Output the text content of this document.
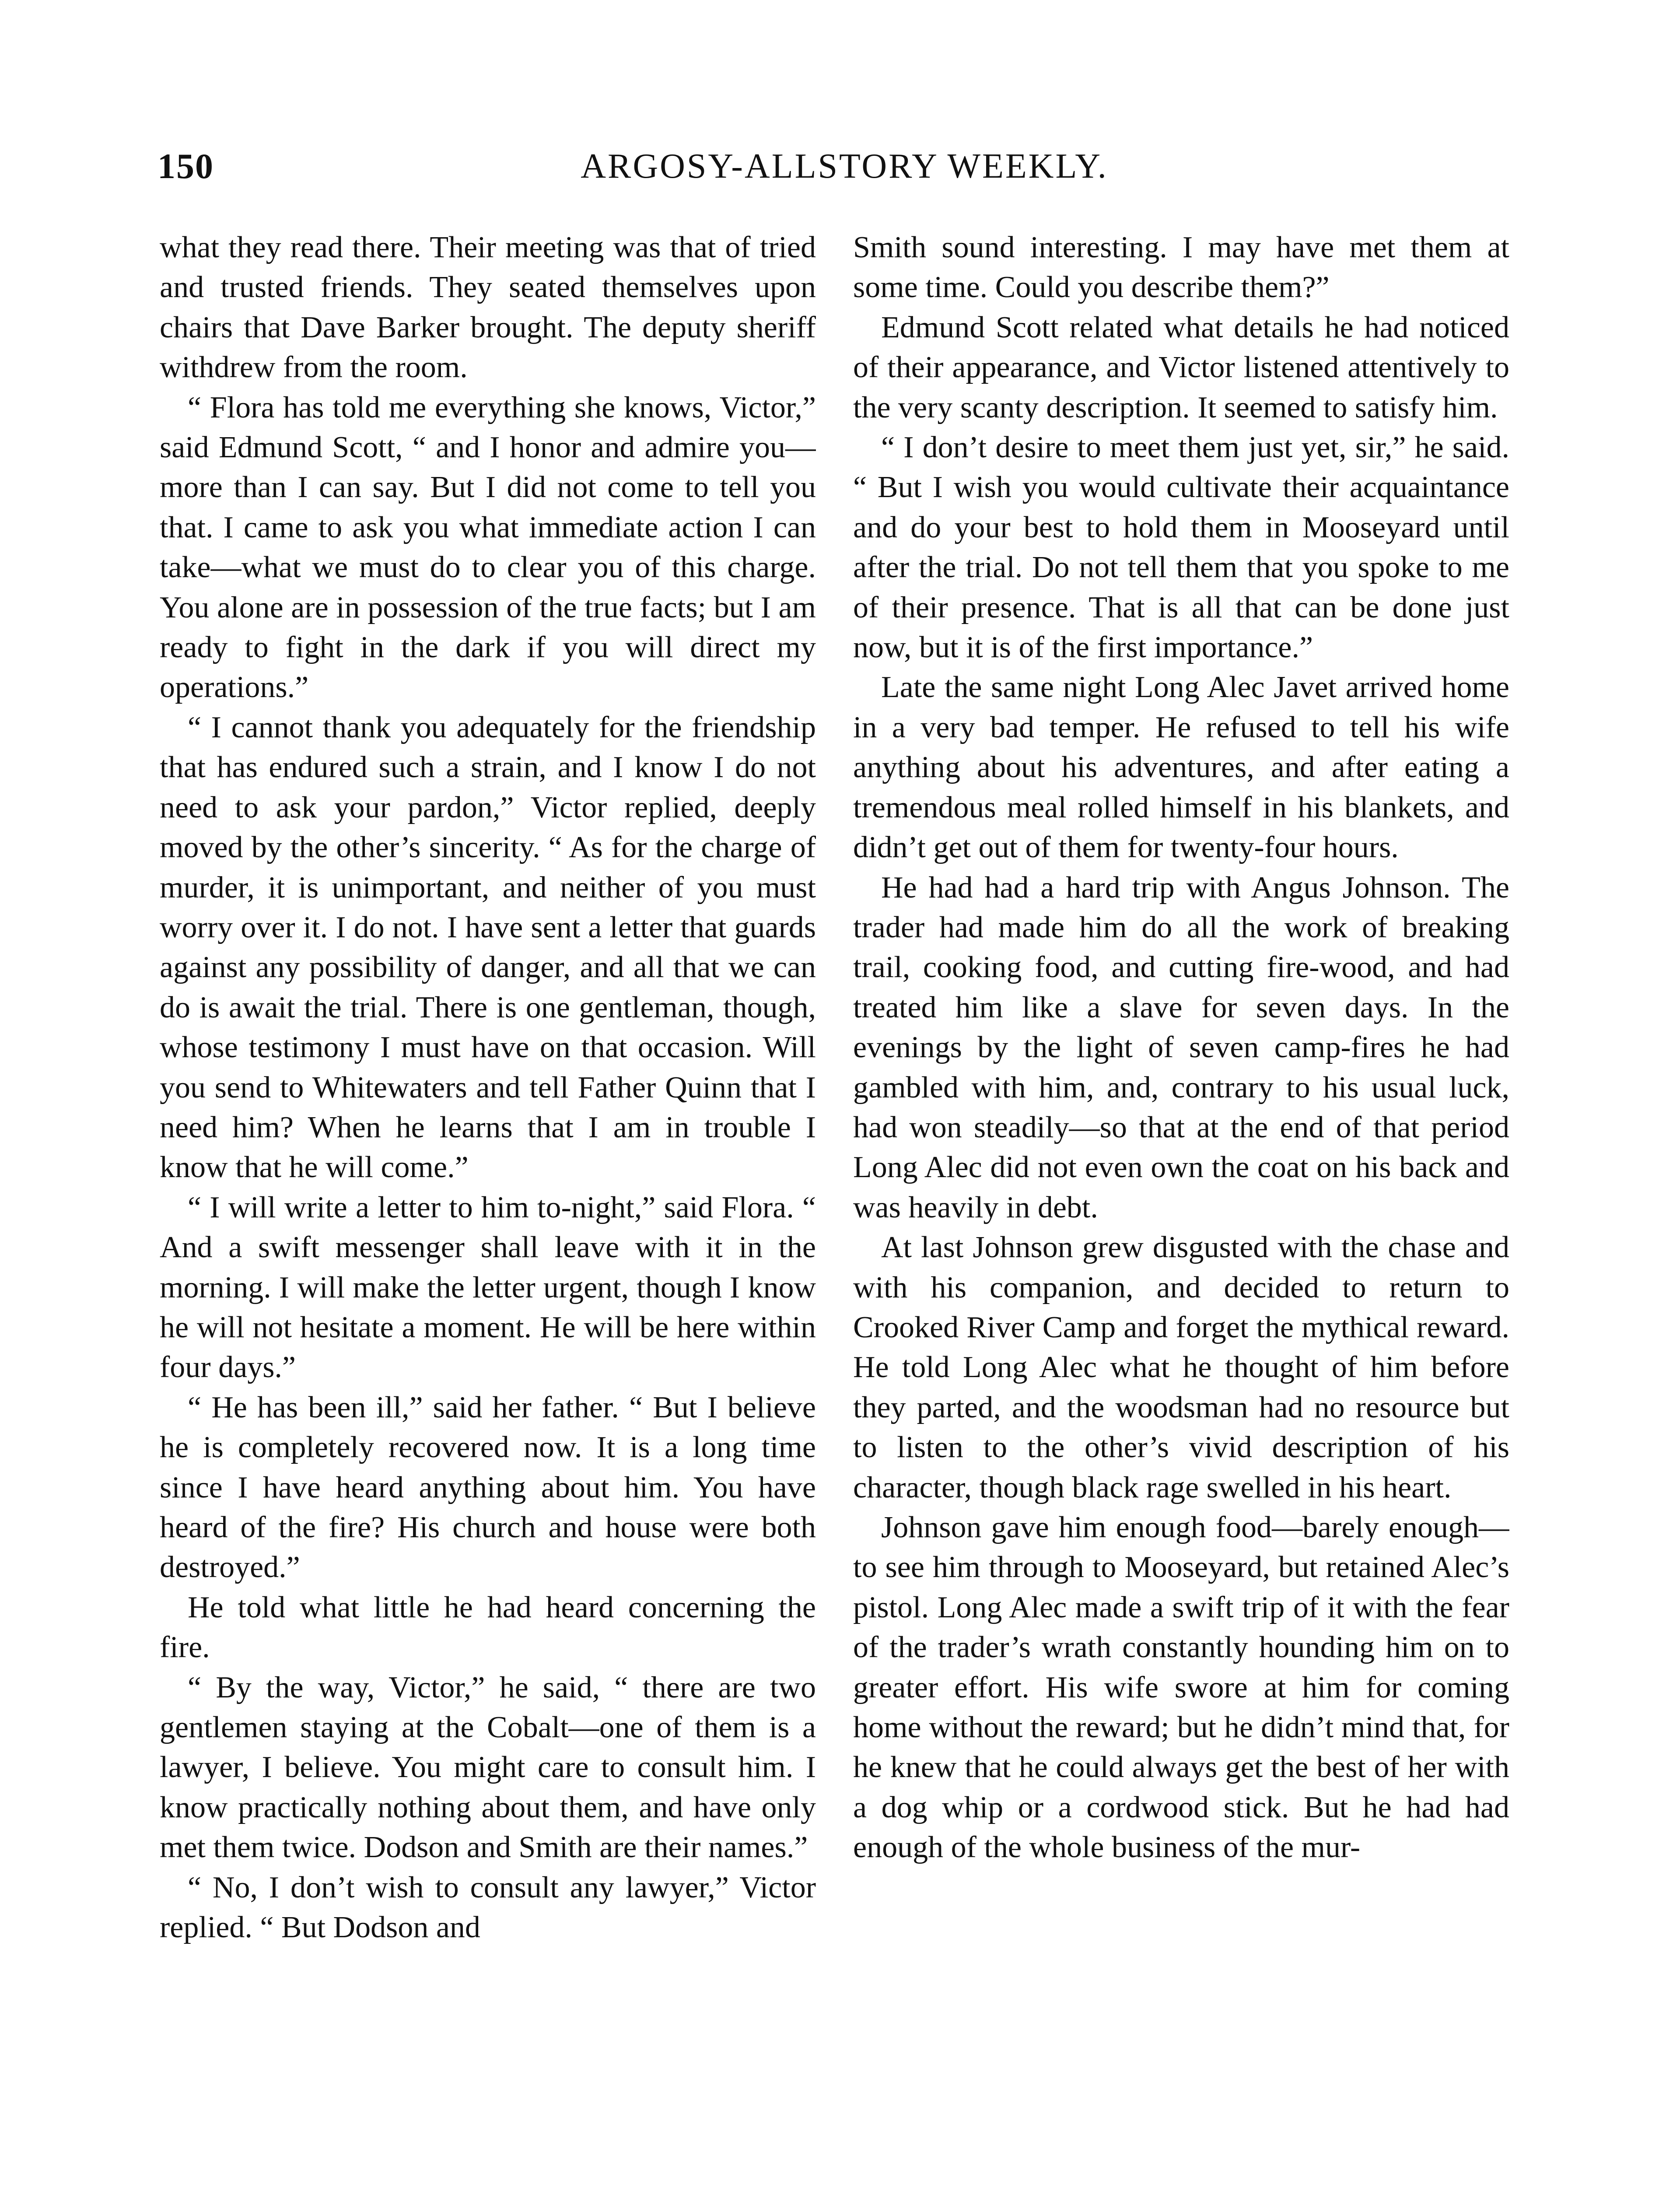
150	ARGOSY-ALLSTORY WEEKLY.

what they read there. Their meeting was that of tried and trusted friends. They seated themselves upon chairs that Dave Barker brought. The deputy sheriff withdrew from the room.

“ Flora has told me everything she knows, Victor,” said Edmund Scott, “ and I honor and admire you—more than I can say. But I did not come to tell you that. I came to ask you what immediate action I can take—what we must do to clear you of this charge. You alone are in possession of the true facts; but I am ready to fight in the dark if you will direct my operations.”

“ I cannot thank you adequately for the friendship that has endured such a strain, and I know I do not need to ask your pardon,” Victor replied, deeply moved by the other’s sincerity. “ As for the charge of murder, it is unimportant, and neither of you must worry over it. I do not. I have sent a letter that guards against any possibility of danger, and all that we can do is await the trial. There is one gentleman, though, whose testimony I must have on that occasion. Will you send to Whitewaters and tell Father Quinn that I need him? When he learns that I am in trouble I know that he will come.”

“ I will write a letter to him to-night,” said Flora. “ And a swift messenger shall leave with it in the morning. I will make the letter urgent, though I know he will not hesitate a moment. He will be here within four days.”

“ He has been ill,” said her father. “ But I believe he is completely recovered now. It is a long time since I have heard anything about him. You have heard of the fire? His church and house were both destroyed.”

He told what little he had heard concerning the fire.

“ By the way, Victor,” he said, “ there are two gentlemen staying at the Cobalt—one of them is a lawyer, I believe. You might care to consult him. I know practically nothing about them, and have only met them twice. Dodson and Smith are their names.”

“ No, I don’t wish to consult any lawyer,” Victor replied. “ But Dodson and

Smith sound interesting. I may have met them at some time. Could you describe them?”

Edmund Scott related what details he had noticed of their appearance, and Victor listened attentively to the very scanty description. It seemed to satisfy him.

“ I don’t desire to meet them just yet, sir,” he said. “ But I wish you would cultivate their acquaintance and do your best to hold them in Mooseyard until after the trial. Do not tell them that you spoke to me of their presence. That is all that can be done just now, but it is of the first importance.”

Late the same night Long Alec Javet arrived home in a very bad temper. He refused to tell his wife anything about his adventures, and after eating a tremendous meal rolled himself in his blankets, and didn’t get out of them for twenty-four hours.

He had had a hard trip with Angus Johnson. The trader had made him do all the work of breaking trail, cooking food, and cutting fire-wood, and had treated him like a slave for seven days. In the evenings by the light of seven camp-fires he had gambled with him, and, contrary to his usual luck, had won steadily—so that at the end of that period Long Alec did not even own the coat on his back and was heavily in debt.

At last Johnson grew disgusted with the chase and with his companion, and decided to return to Crooked River Camp and forget the mythical reward. He told Long Alec what he thought of him before they parted, and the woodsman had no resource but to listen to the other’s vivid description of his character, though black rage swelled in his heart.

Johnson gave him enough food—barely enough—to see him through to Mooseyard, but retained Alec’s pistol. Long Alec made a swift trip of it with the fear of the trader’s wrath constantly hounding him on to greater effort. His wife swore at him for coming home without the reward; but he didn’t mind that, for he knew that he could always get the best of her with a dog whip or a cordwood stick. But he had had enough of the whole business of the mur-
